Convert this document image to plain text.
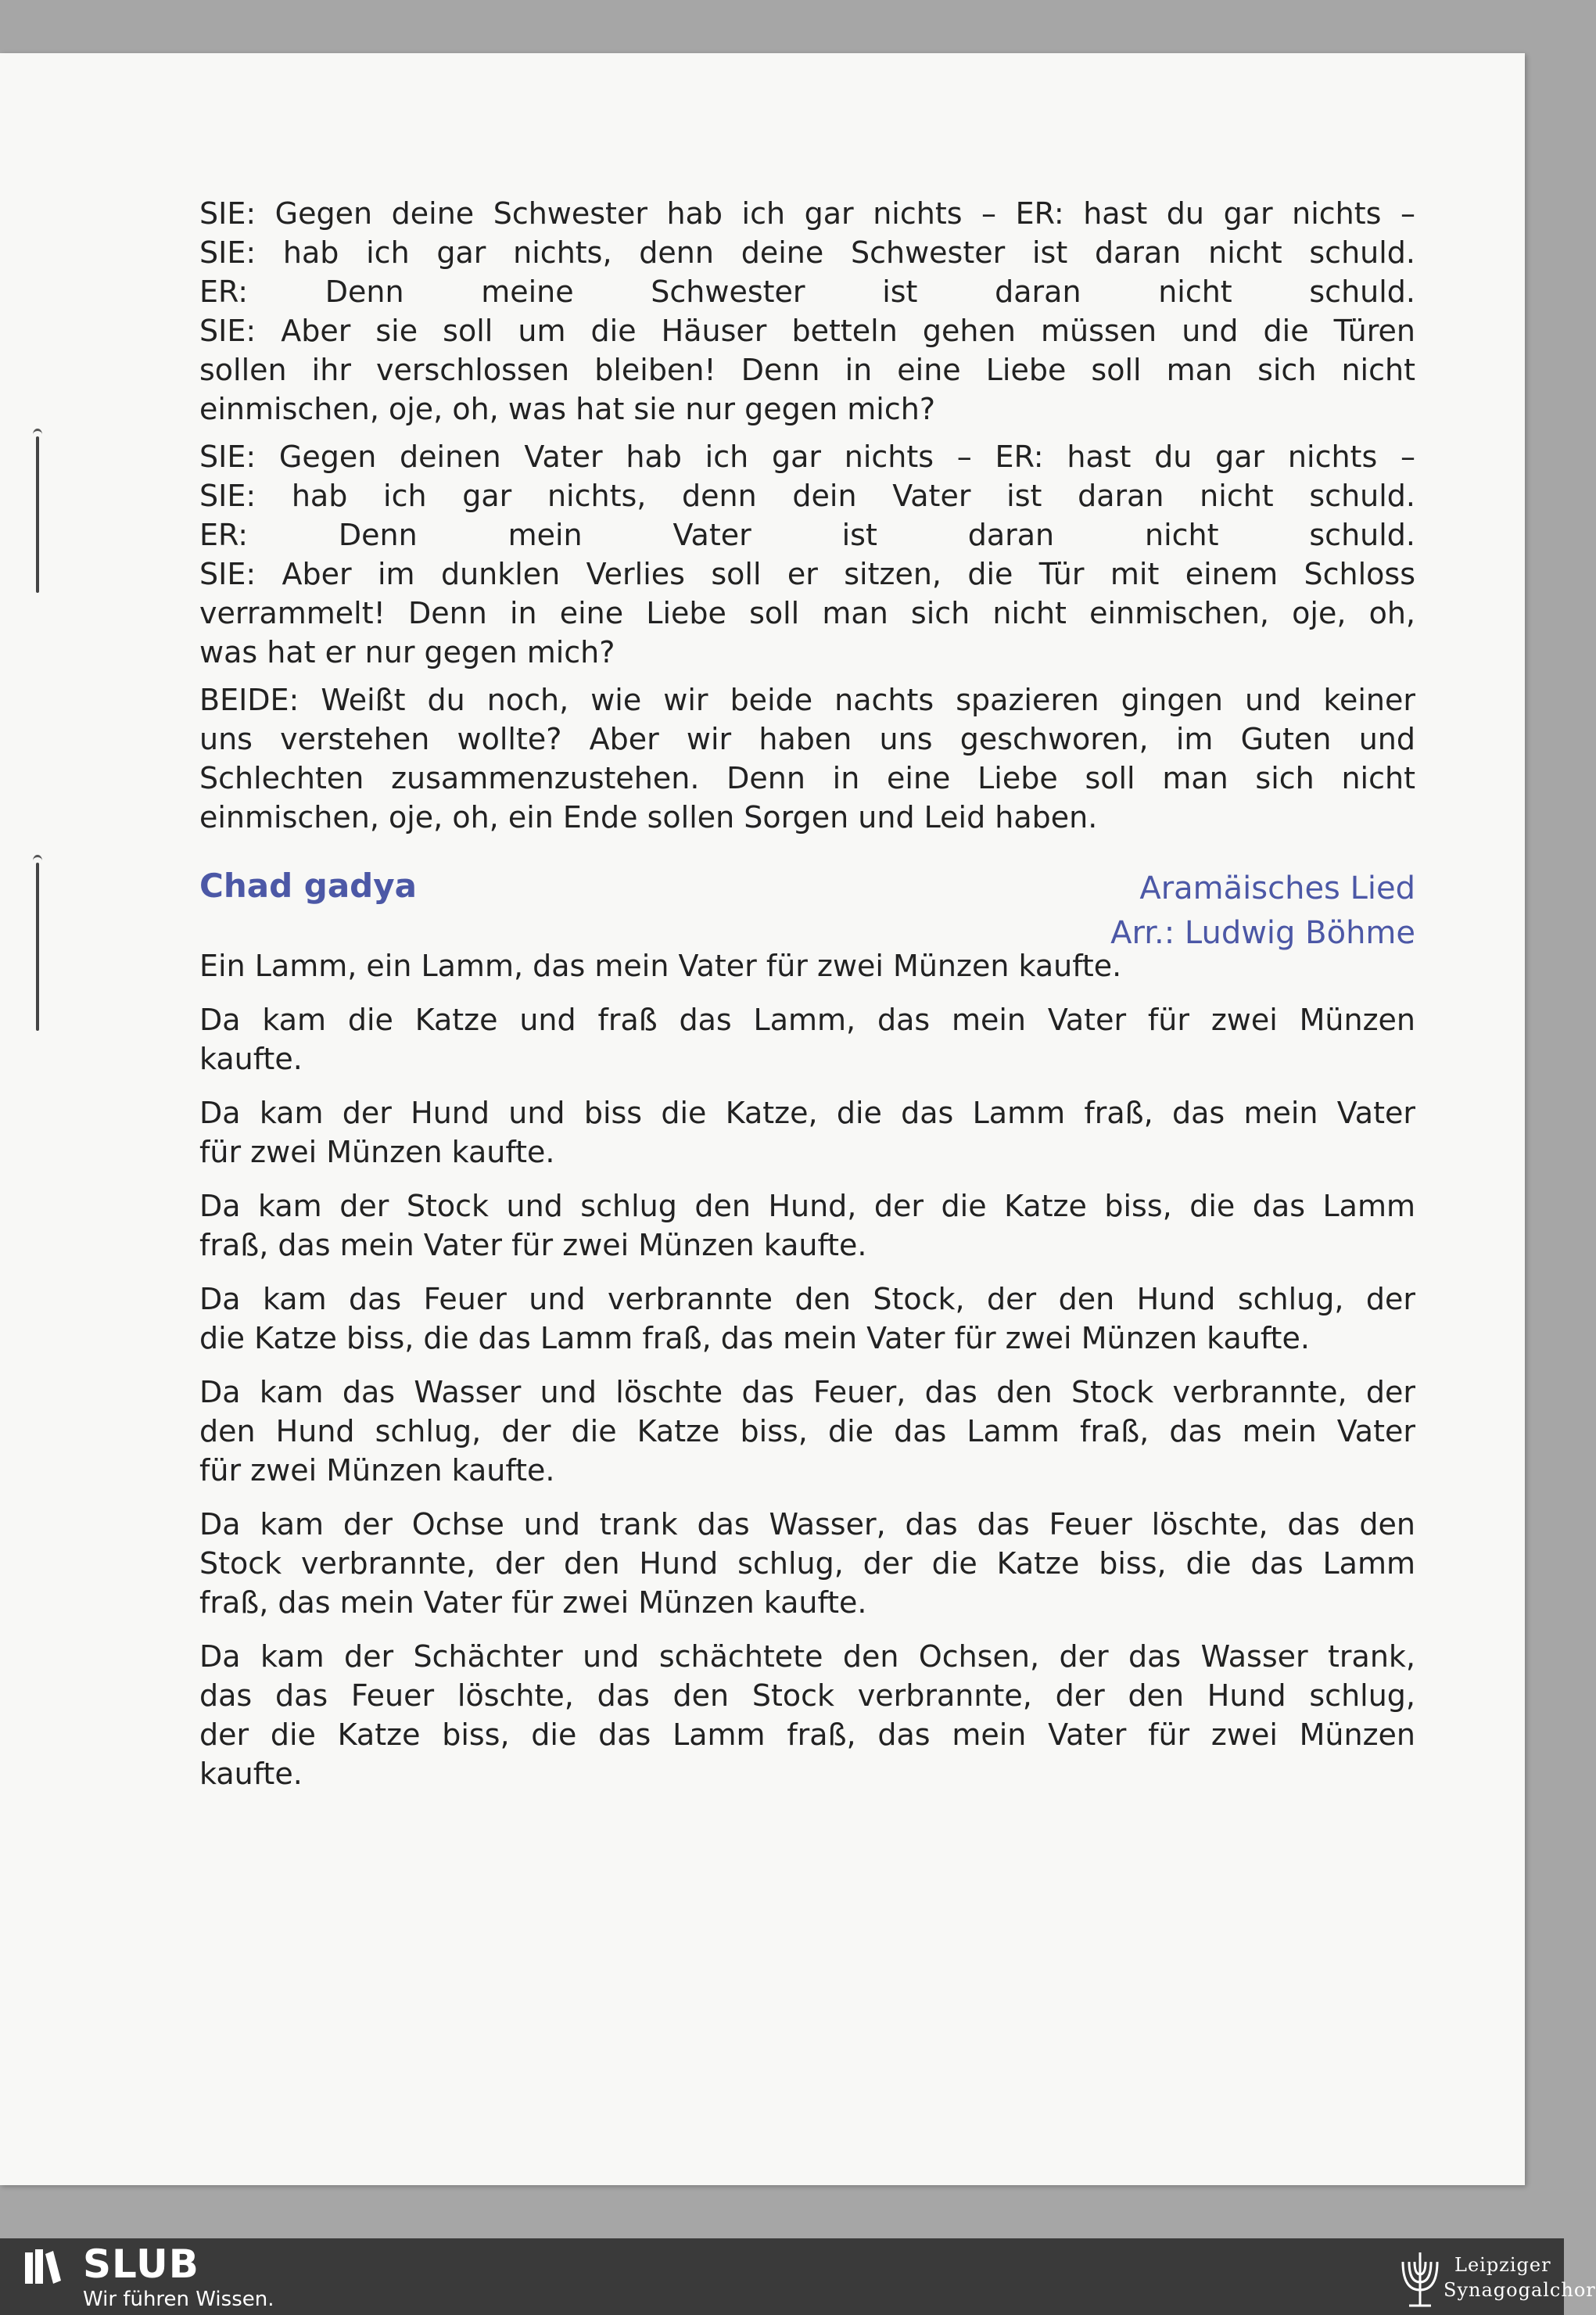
SIE: Gegen deine Schwester hab ich gar nichts – ER: hast du gar nichts –
SIE: hab ich gar nichts, denn deine Schwester ist daran nicht schuld.
ER: Denn meine Schwester ist daran nicht schuld.
SIE: Aber sie soll um die Häuser betteln gehen müssen und die Türen
sollen ihr verschlossen bleiben! Denn in eine Liebe soll man sich nicht
einmischen, oje, oh, was hat sie nur gegen mich?
SIE: Gegen deinen Vater hab ich gar nichts – ER: hast du gar nichts –
SIE: hab ich gar nichts, denn dein Vater ist daran nicht schuld.
ER: Denn mein Vater ist daran nicht schuld.
SIE: Aber im dunklen Verlies soll er sitzen, die Tür mit einem Schloss
verrammelt! Denn in eine Liebe soll man sich nicht einmischen, oje, oh,
was hat er nur gegen mich?
BEIDE: Weißt du noch, wie wir beide nachts spazieren gingen und keiner
uns verstehen wollte? Aber wir haben uns geschworen, im Guten und
Schlechten zusammenzustehen. Denn in eine Liebe soll man sich nicht
einmischen, oje, oh, ein Ende sollen Sorgen und Leid haben.
Chad gadya	Aramäisches Lied
Arr.: Ludwig Böhme
Ein Lamm, ein Lamm, das mein Vater für zwei Münzen kaufte.
Da kam die Katze und fraß das Lamm, das mein Vater für zwei Münzen
kaufte.
Da kam der Hund und biss die Katze, die das Lamm fraß, das mein Vater
für zwei Münzen kaufte.
Da kam der Stock und schlug den Hund, der die Katze biss, die das Lamm
fraß, das mein Vater für zwei Münzen kaufte.
Da kam das Feuer und verbrannte den Stock, der den Hund schlug, der
die Katze biss, die das Lamm fraß, das mein Vater für zwei Münzen kaufte.
Da kam das Wasser und löschte das Feuer, das den Stock verbrannte, der
den Hund schlug, der die Katze biss, die das Lamm fraß, das mein Vater
für zwei Münzen kaufte.
Da kam der Ochse und trank das Wasser, das das Feuer löschte, das den
Stock verbrannte, der den Hund schlug, der die Katze biss, die das Lamm
fraß, das mein Vater für zwei Münzen kaufte.
Da kam der Schächter und schächtete den Ochsen, der das Wasser trank,
das das Feuer löschte, das den Stock verbrannte, der den Hund schlug,
der die Katze biss, die das Lamm fraß, das mein Vater für zwei Münzen
kaufte.
SLUB
Wir führen Wissen.
Leipziger
Synagogalchor
